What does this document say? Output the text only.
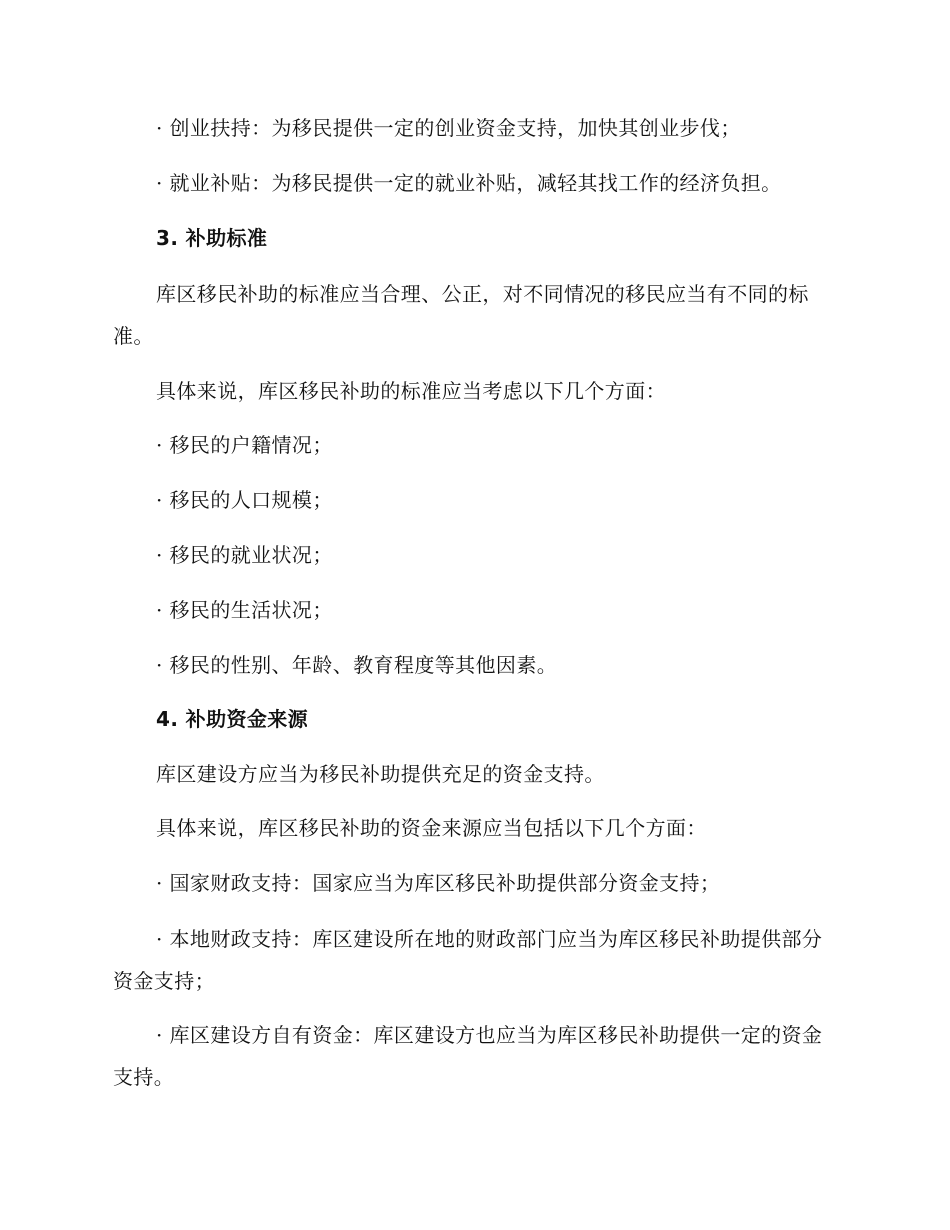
· 创业扶持：为移民提供一定的创业资金支持，加快其创业步伐；
· 就业补贴：为移民提供一定的就业补贴，减轻其找工作的经济负担。
3. 补助标准
库区移民补助的标准应当合理、公正，对不同情况的移民应当有不同的标准。
具体来说，库区移民补助的标准应当考虑以下几个方面：
· 移民的户籍情况；
· 移民的人口规模；
· 移民的就业状况；
· 移民的生活状况；
· 移民的性别、年龄、教育程度等其他因素。
4. 补助资金来源
库区建设方应当为移民补助提供充足的资金支持。
具体来说，库区移民补助的资金来源应当包括以下几个方面：
· 国家财政支持：国家应当为库区移民补助提供部分资金支持；
· 本地财政支持：库区建设所在地的财政部门应当为库区移民补助提供部分资金支持；
· 库区建设方自有资金：库区建设方也应当为库区移民补助提供一定的资金支持。
